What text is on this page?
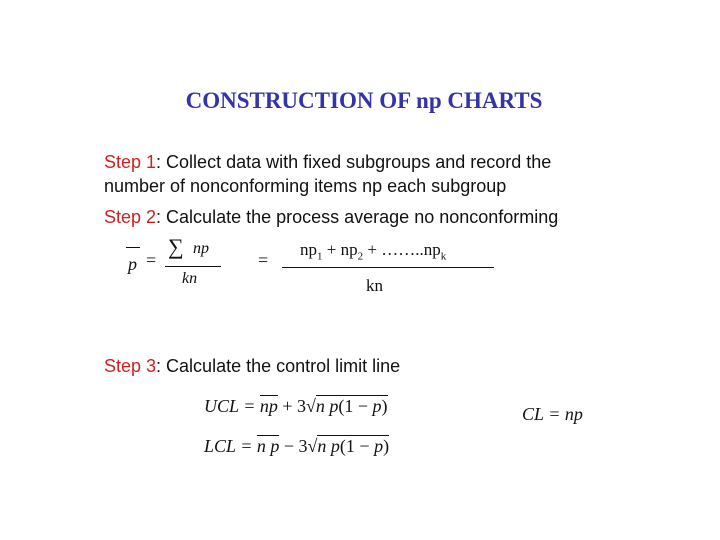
CONSTRUCTION OF np CHARTS
Step 1: Collect data with fixed subgroups and record the
number of nonconforming items np each subgroup
Step 2: Calculate the process average no nonconforming
p =
∑ np
kn
=
$np_1 + np_2$ + $\dots\dots..np_k$
kn
Step 3: Calculate the control limit line
UCL = np + 3√n p(1 − p)	CL = np
LCL = n p − 3√n p(1 − p)
